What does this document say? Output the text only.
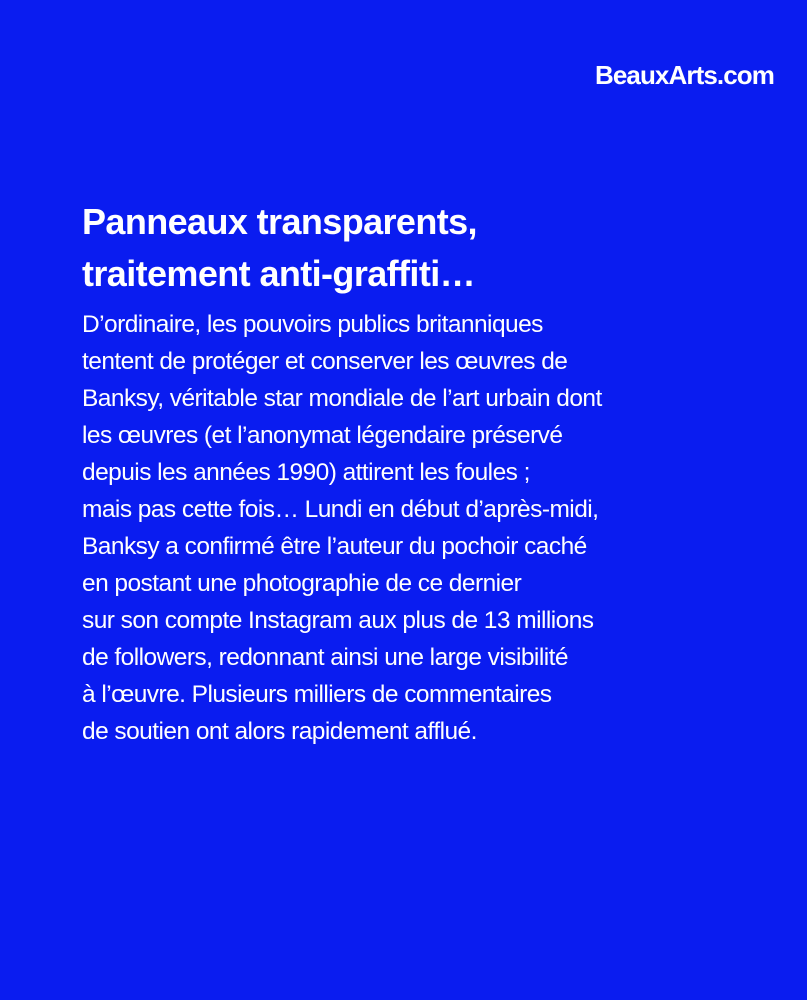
BeauxArts.com
Panneaux transparents,
traitement anti-graffiti…

D’ordinaire, les pouvoirs publics britanniques
tentent de protéger et conserver les œuvres de
Banksy, véritable star mondiale de l’art urbain dont
les œuvres (et l’anonymat légendaire préservé
depuis les années 1990) attirent les foules ;
mais pas cette fois… Lundi en début d’après-midi,
Banksy a confirmé être l’auteur du pochoir caché
en postant une photographie de ce dernier
sur son compte Instagram aux plus de 13 millions
de followers, redonnant ainsi une large visibilité
à l’œuvre. Plusieurs milliers de commentaires
de soutien ont alors rapidement afflué.
